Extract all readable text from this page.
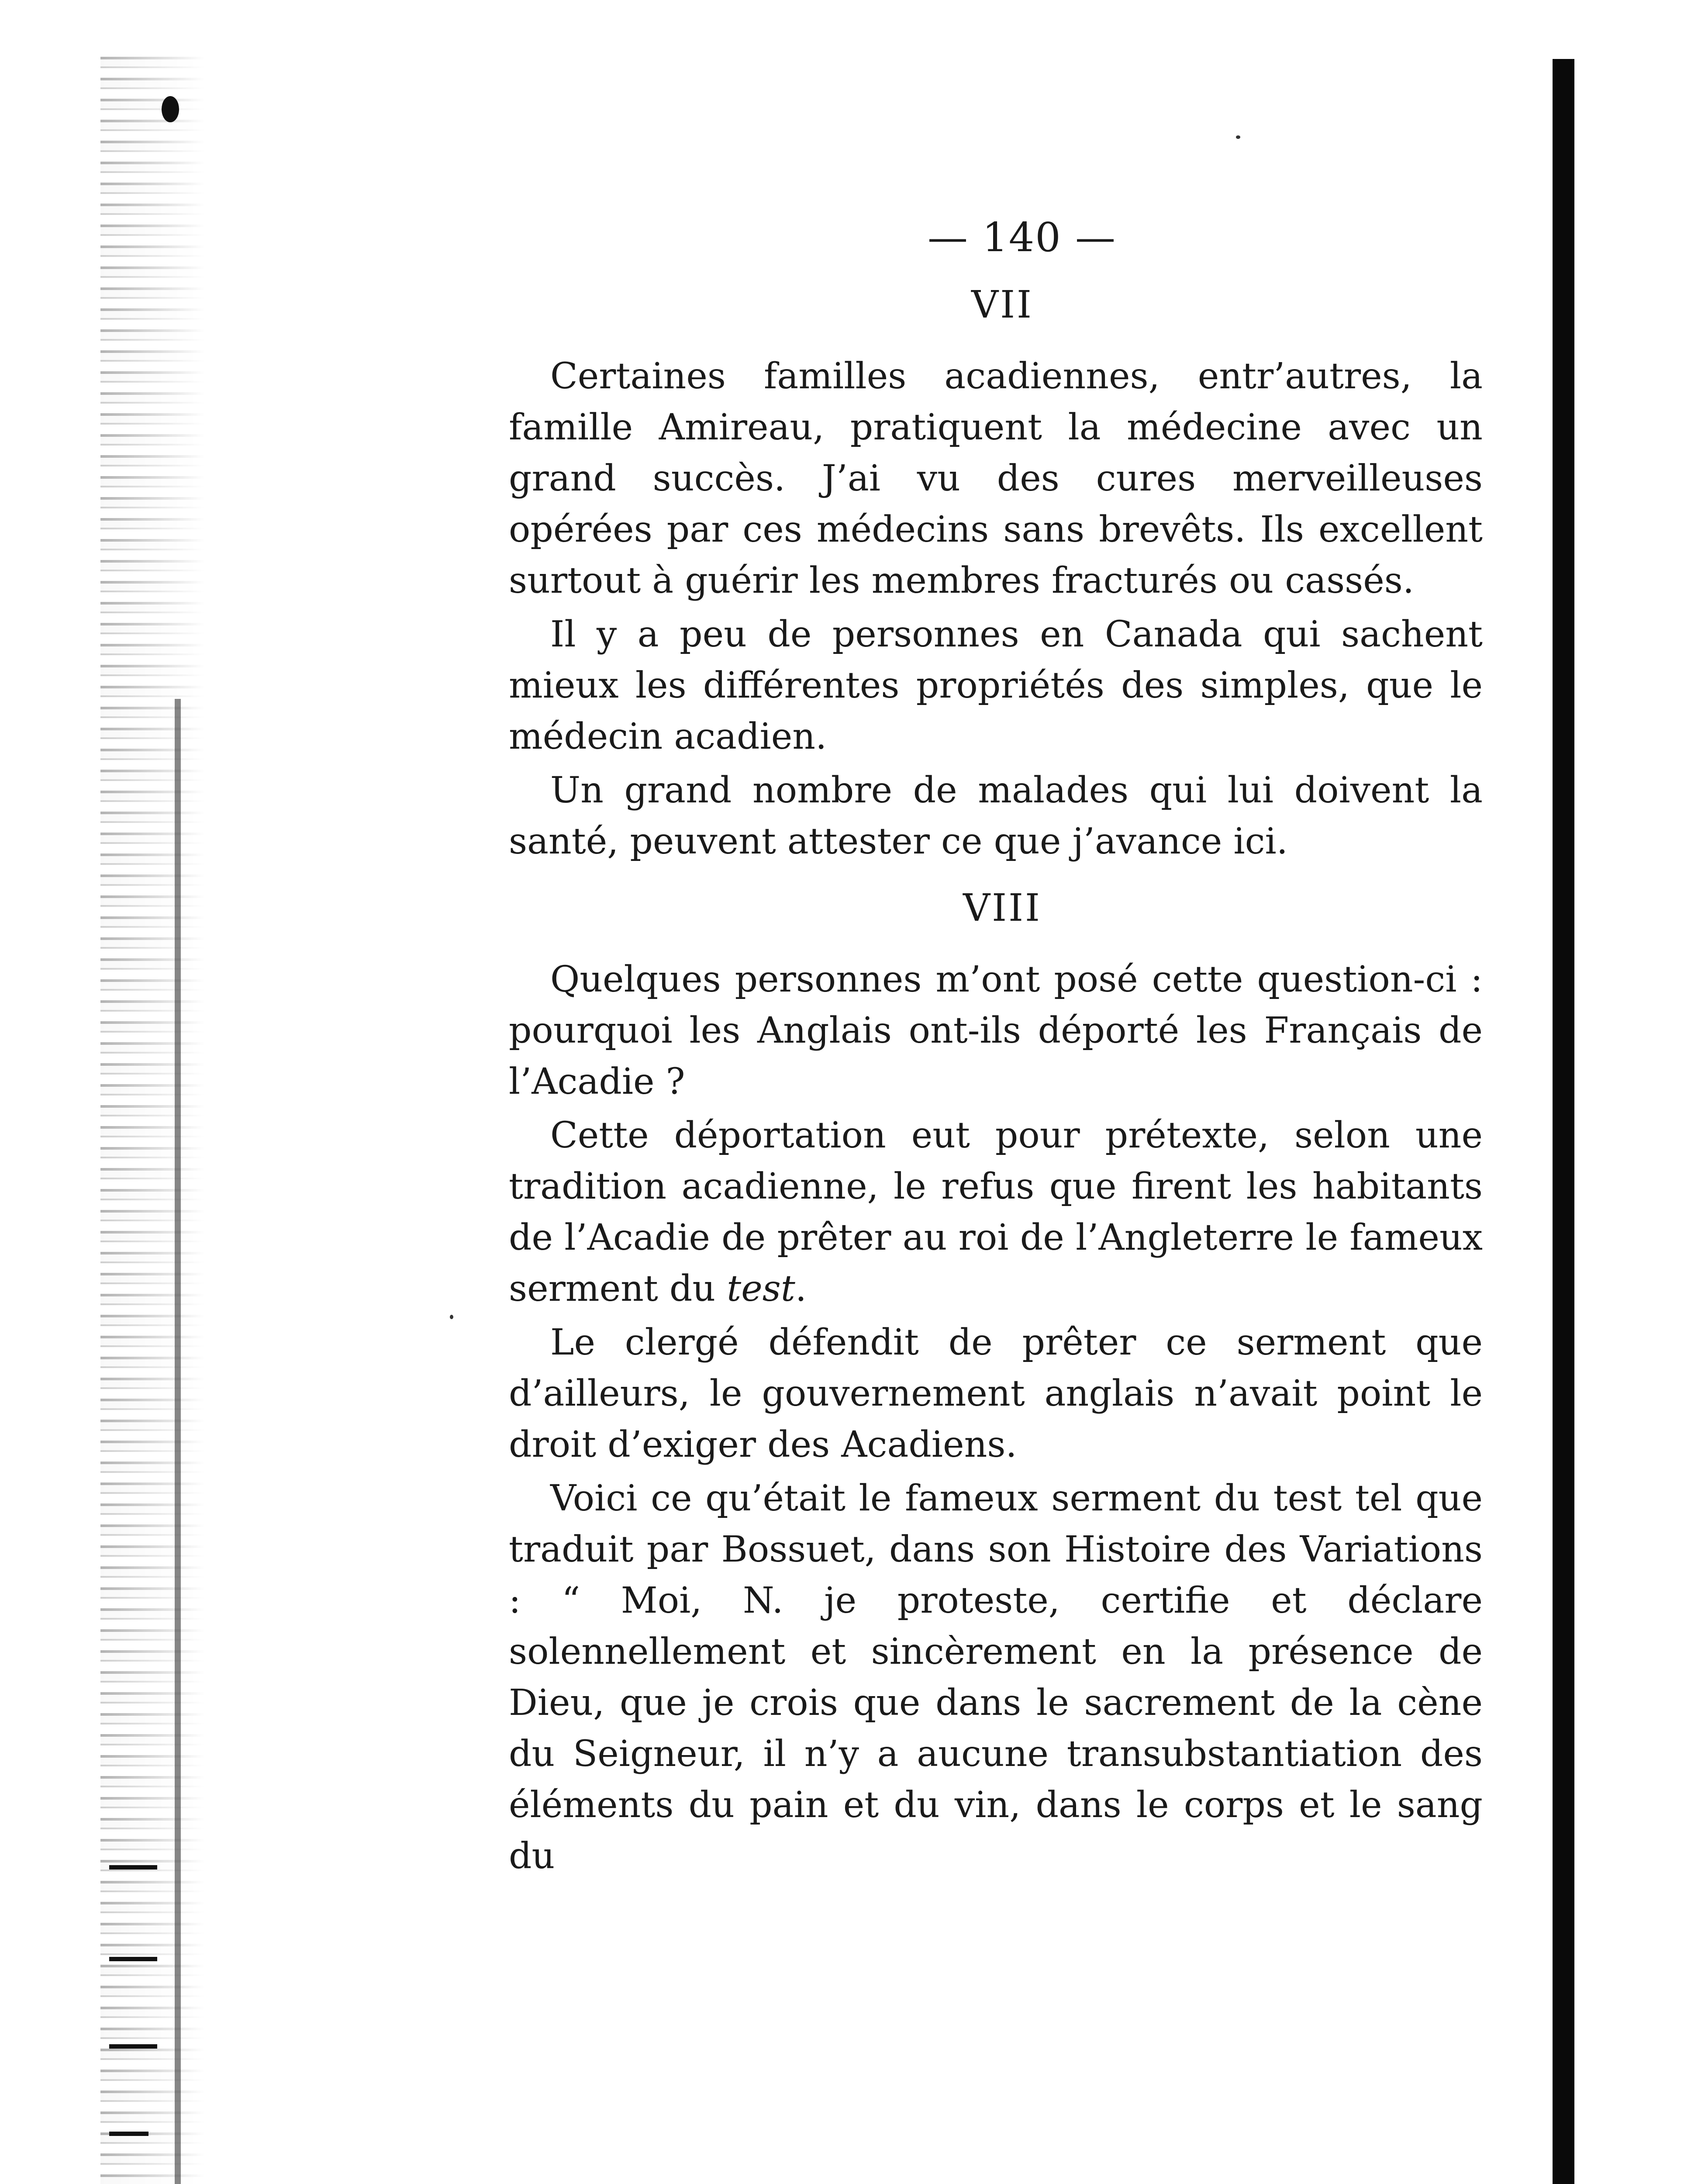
— 140 —
VII

Certaines familles acadiennes, entr’autres, la famille Amireau, pratiquent la médecine avec un grand succès. J’ai vu des cures merveilleuses opérées par ces médecins sans brevêts. Ils excellent surtout à guérir les membres fracturés ou cassés.

Il y a peu de personnes en Canada qui sachent mieux les différentes propriétés des simples, que le médecin acadien.

Un grand nombre de malades qui lui doivent la santé, peuvent attester ce que j’avance ici.

VIII

Quelques personnes m’ont posé cette question-ci : pourquoi les Anglais ont-ils déporté les Français de l’Acadie ?

Cette déportation eut pour prétexte, selon une tradition acadienne, le refus que firent les habitants de l’Acadie de prêter au roi de l’Angleterre le fameux serment du test.

Le clergé défendit de prêter ce serment que d’ailleurs, le gouvernement anglais n’avait point le droit d’exiger des Acadiens.

Voici ce qu’était le fameux serment du test tel que traduit par Bossuet, dans son Histoire des Variations : “ Moi, N. je proteste, certifie et déclare solennellement et sincèrement en la présence de Dieu, que je crois que dans le sacrement de la cène du Seigneur, il n’y a aucune transubstantiation des éléments du pain et du vin, dans le corps et le sang du
